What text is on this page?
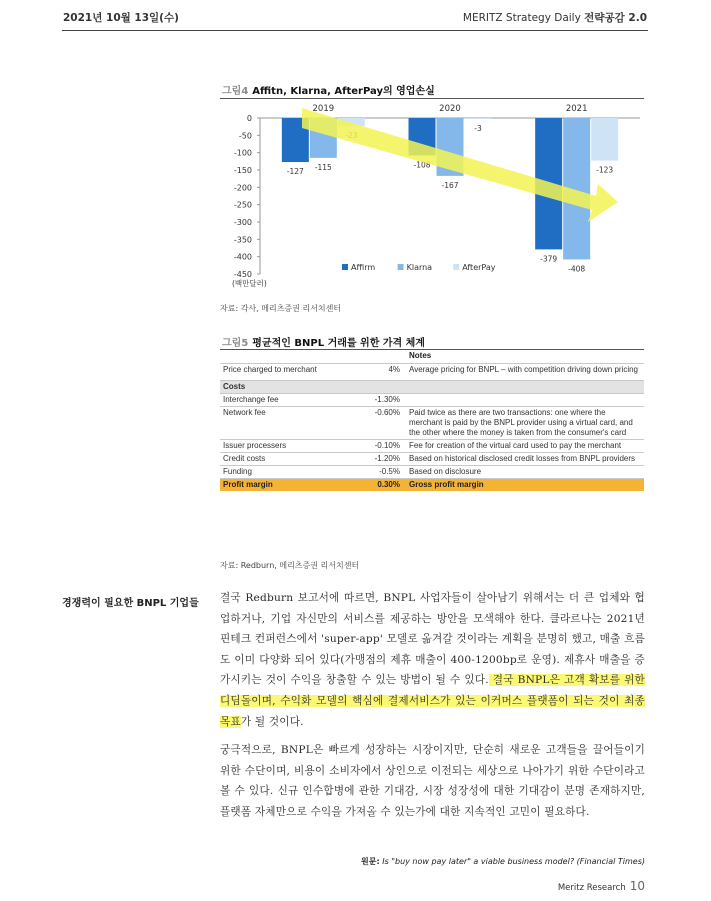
2021년 10월 13일(수)	MERITZ Strategy Daily 전략공감 2.0
그림4 Affitn, Klarna, AfterPay의 영업손실
0
-50
-100
-150
-200
-250
-300
-350
-400
-450
(백만달러)
2019
-127 -115
2020
-108
-167
-3
2021
-379
-408
-123
Affirm	Klarna	AfterPay
자료: 각사, 메리츠증권 리서치센터
그림5 평균적인 BNPL 거래를 위한 가격 체계
		Notes
Price charged to merchant	4%	Average pricing for BNPL – with competition driving down pricing

Costs		
Interchange fee	-1.30%	
Network fee	-0.60%	Paid twice as there are two transactions: one where the merchant is paid by the BNPL provider using a virtual card, and the other where the money is taken from the consumer's card
Issuer processers	-0.10%	Fee for creation of the virtual card used to pay the merchant
Credit costs	-1.20%	Based on historical disclosed credit losses from BNPL providers
Funding	-0.5%	Based on disclosure
Profit margin	0.30%	Gross profit margin
자료: Redburn, 메리츠증권 리서치센터
경쟁력이 필요한 BNPL 기업들 결국 Redburn 보고서에 따르면, BNPL 사업자들이 살아남기 위해서는 더 큰 업체와 협업하거나, 기업 자신만의 서비스를 제공하는 방안을 모색해야 한다. 클라르나는 2021년 핀테크 컨퍼런스에서 'super-app' 모델로 옮겨갈 것이라는 계획을 분명히 했고, 매출 흐름도 이미 다양화 되어 있다(가맹점의 제휴 매출이 400-1200bp로 운영). 제휴사 매출을 증가시키는 것이 수익을 창출할 수 있는 방법이 될 수 있다. 결국 BNPL은 고객 확보를 위한 디딤돌이며, 수익화 모델의 핵심에 결제서비스가 있는 이커머스 플랫폼이 되는 것이 최종 목표가 될 것이다.
궁극적으로, BNPL은 빠르게 성장하는 시장이지만, 단순히 새로운 고객들을 끌어들이기 위한 수단이며, 비용이 소비자에서 상인으로 이전되는 세상으로 나아가기 위한 수단이라고 볼 수 있다. 신규 인수합병에 관한 기대감, 시장 성장성에 대한 기대감이 분명 존재하지만, 플랫폼 자체만으로 수익을 가져올 수 있는가에 대한 지속적인 고민이 필요하다.
원문: Is "buy now pay later" a viable business model? (Financial Times)
Meritz Research 10
